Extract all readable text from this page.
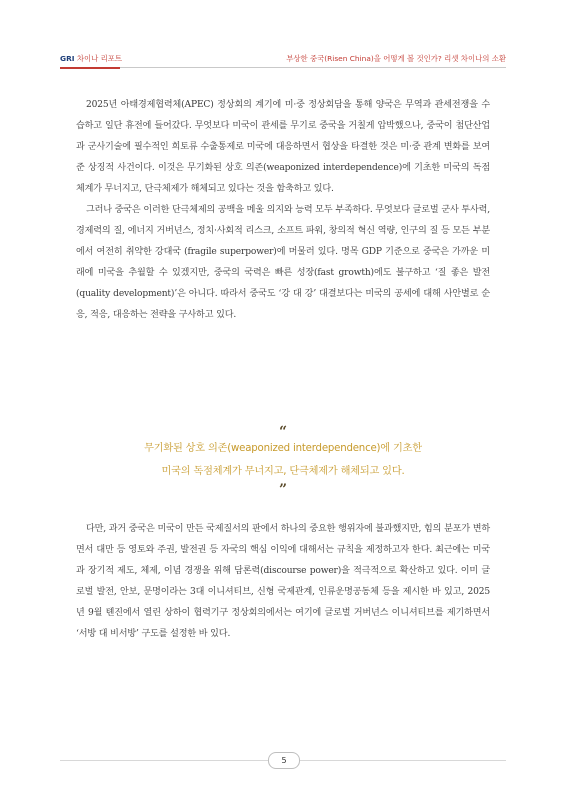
GRI 차이나 리포트	부상한 중국(Risen China)을 어떻게 볼 것인가? 리셋 차이나의 소환

2025년 아태경제협력체(APEC) 정상회의 계기에 미·중 정상회담을 통해 양국은 무역과 관세전쟁을 수습하고 일단 휴전에 들어갔다. 무엇보다 미국이 관세를 무기로 중국을 거칠게 압박했으나, 중국이 첨단산업과 군사기술에 필수적인 희토류 수출통제로 미국에 대응하면서 협상을 타결한 것은 미·중 관계 변화를 보여준 상징적 사건이다. 이것은 무기화된 상호 의존(weaponized interdependence)에 기초한 미국의 독점체계가 무너지고, 단극체제가 해체되고 있다는 것을 함축하고 있다.

그러나 중국은 이러한 단극체제의 공백을 메울 의지와 능력 모두 부족하다. 무엇보다 글로벌 군사 투사력, 경제력의 질, 에너지 거버넌스, 정치·사회적 리스크, 소프트 파워, 창의적 혁신 역량, 인구의 질 등 모든 부분에서 여전히 취약한 강대국 (fragile superpower)에 머물러 있다. 명목 GDP 기준으로 중국은 가까운 미래에 미국을 추월할 수 있겠지만, 중국의 국력은 빠른 성장(fast growth)에도 불구하고 ‘질 좋은 발전(quality development)’은 아니다. 따라서 중국도 ‘강 대 강’ 대결보다는 미국의 공세에 대해 사안별로 순응, 적응, 대응하는 전략을 구사하고 있다.

“
무기화된 상호 의존(weaponized interdependence)에 기초한
미국의 독점체계가 무너지고, 단극체제가 해체되고 있다.
”

다만, 과거 중국은 미국이 만든 국제질서의 판에서 하나의 중요한 행위자에 불과했지만, 힘의 분포가 변하면서 대만 등 영토와 주권, 발전권 등 자국의 핵심 이익에 대해서는 규칙을 제정하고자 한다. 최근에는 미국과 장기적 제도, 체제, 이념 경쟁을 위해 담론력(discourse power)을 적극적으로 확산하고 있다. 이미 글로벌 발전, 안보, 문명이라는 3대 이니셔티브, 신형 국제관계, 인류운명공동체 등을 제시한 바 있고, 2025년 9월 톈진에서 열린 상하이 협력기구 정상회의에서는 여기에 글로벌 거버넌스 이니셔티브를 제기하면서 ‘서방 대 비서방’ 구도를 설정한 바 있다.

5
